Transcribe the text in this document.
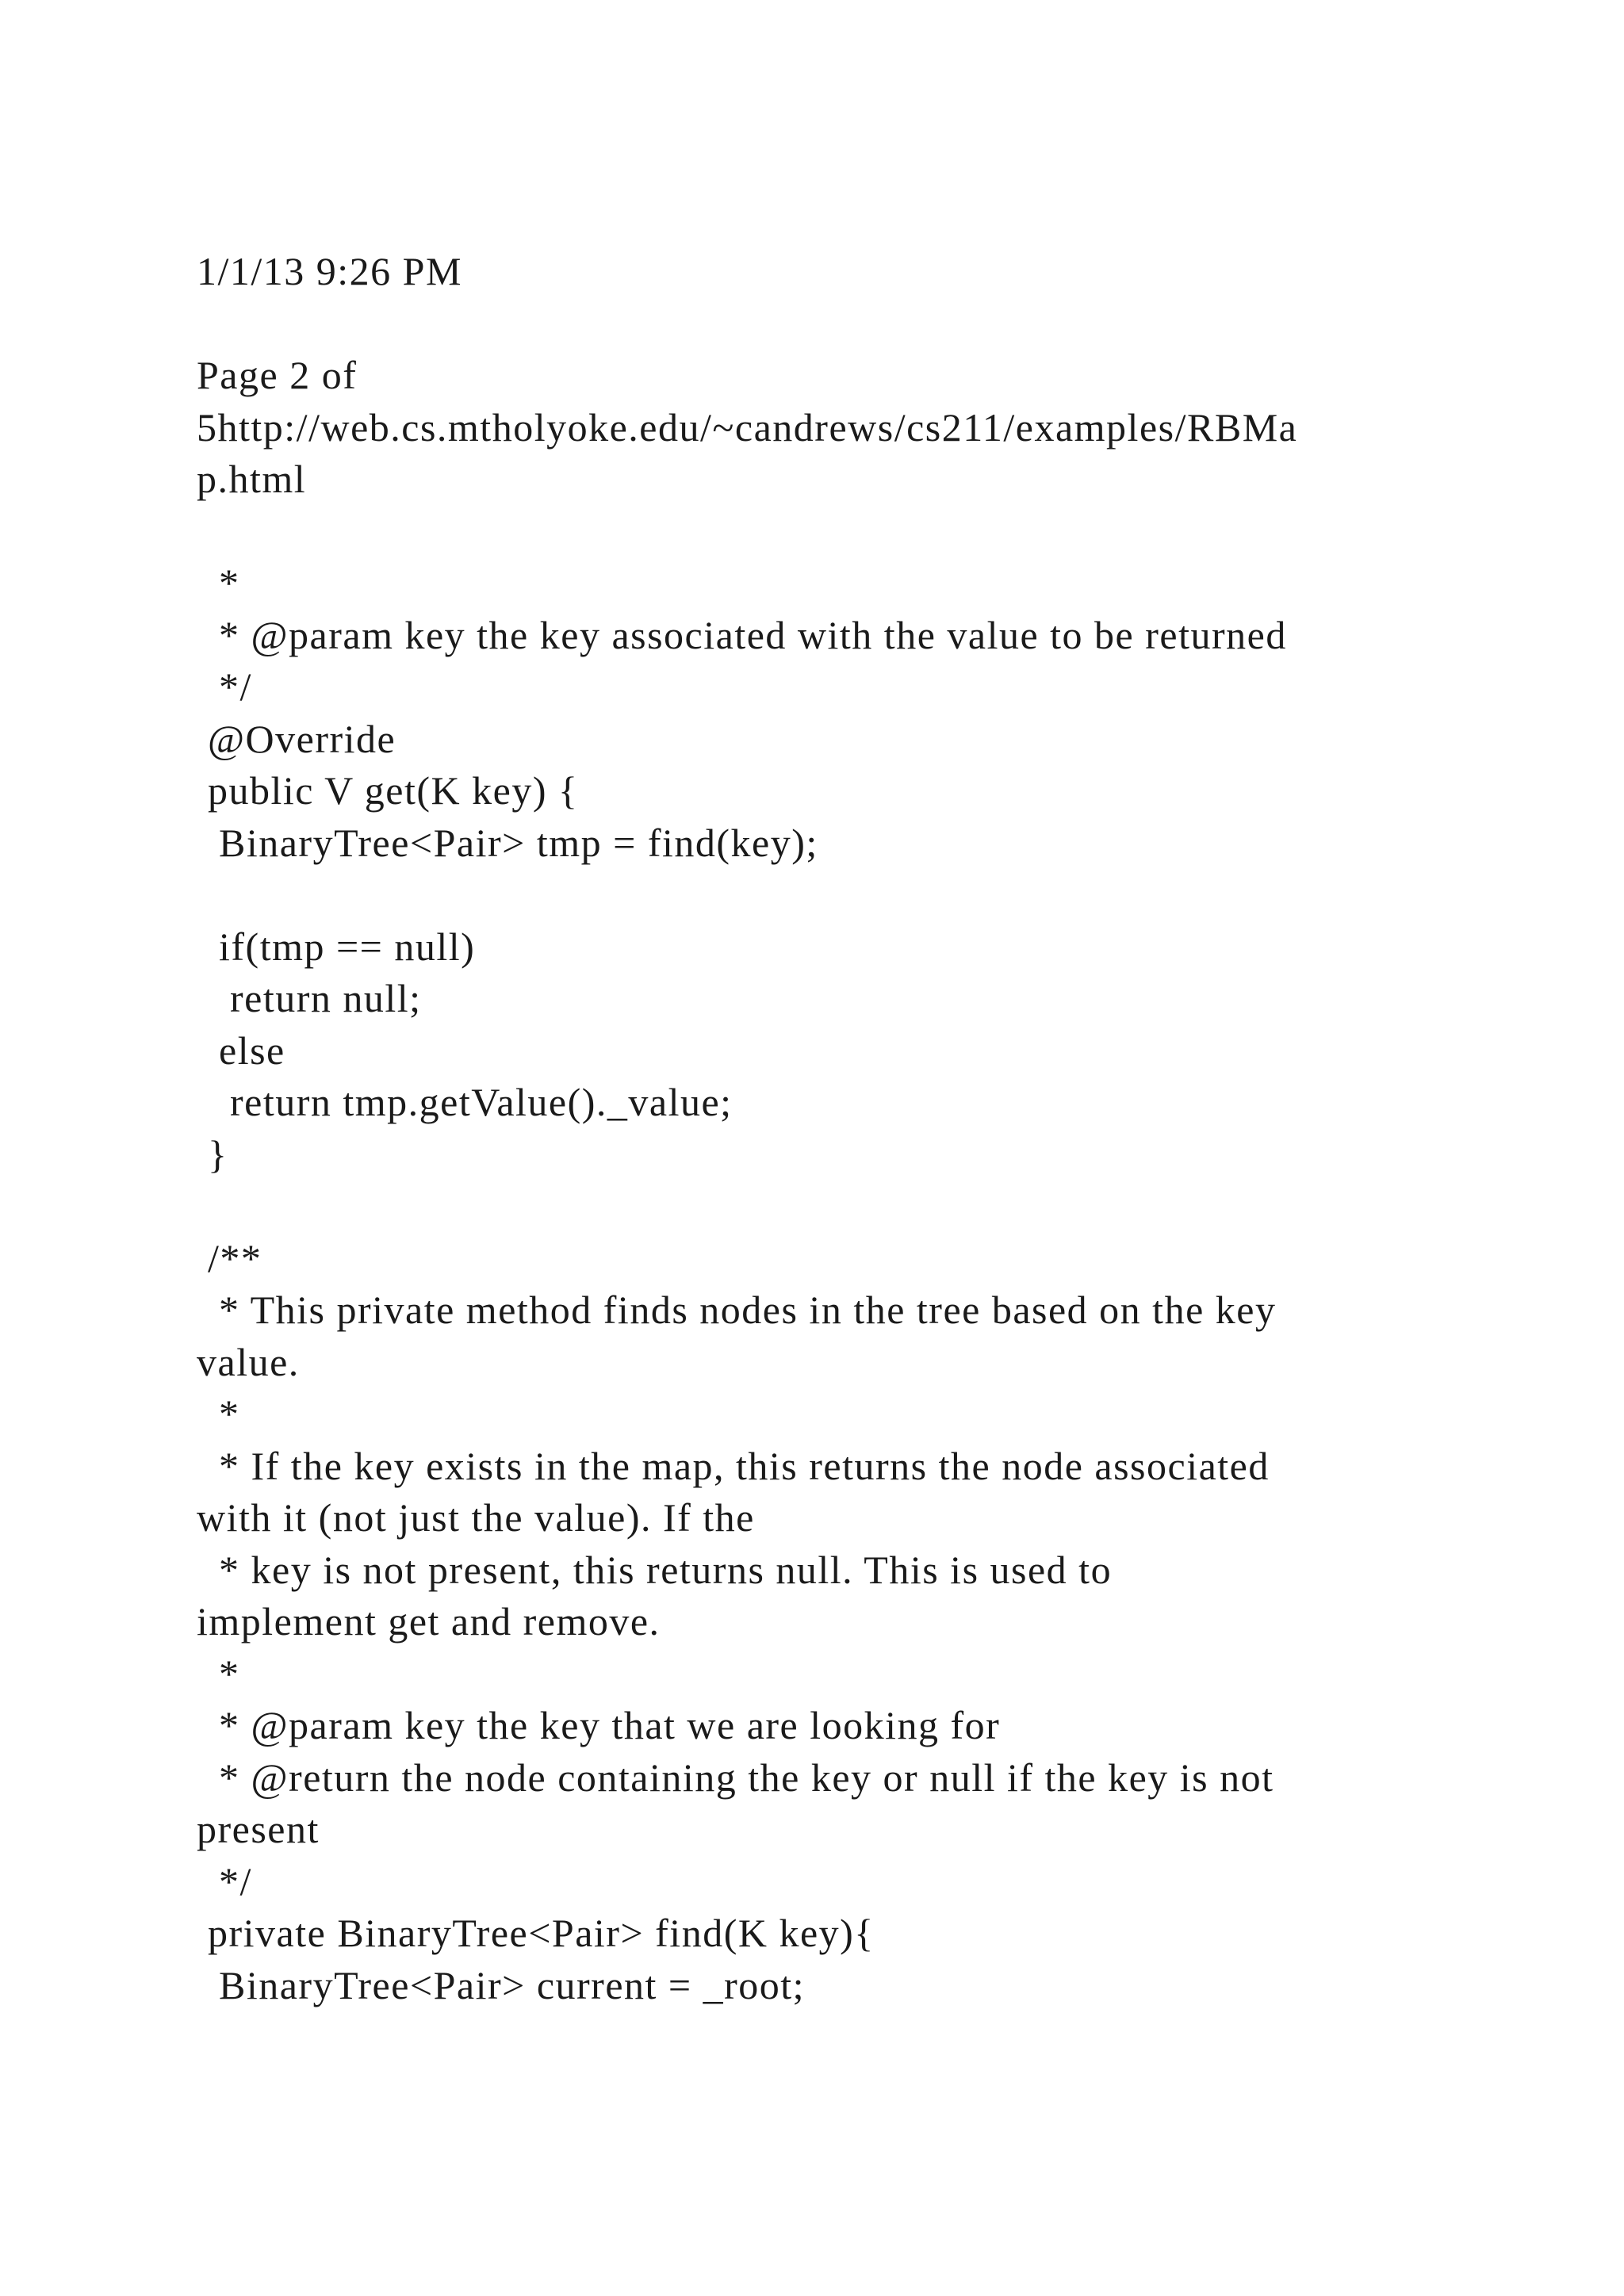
1/1/13 9:26 PM
Page 2 of
5http://web.cs.mtholyoke.edu/~candrews/cs211/examples/RBMa
p.html
*
* @param key the key associated with the value to be returned
*/
@Override
public V get(K key) {
BinaryTree<Pair> tmp = find(key);
if(tmp == null)
return null;
else
return tmp.getValue()._value;
}
/**
* This private method finds nodes in the tree based on the key
value.
*
* If the key exists in the map, this returns the node associated
with it (not just the value). If the
* key is not present, this returns null. This is used to
implement get and remove.
*
* @param key the key that we are looking for
* @return the node containing the key or null if the key is not
present
*/
private BinaryTree<Pair> find(K key){
BinaryTree<Pair> current = _root;
